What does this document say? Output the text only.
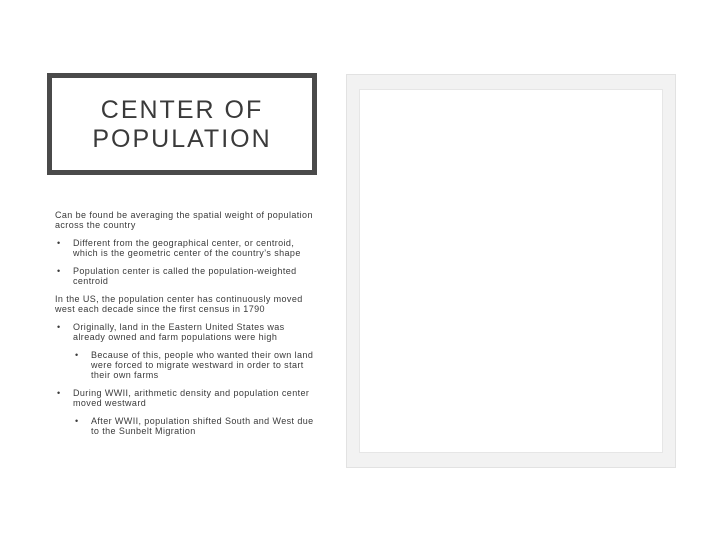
CENTER OF
POPULATION
Can be found be averaging the spatial weight of population across the country
• Different from the geographical center, or centroid, which is the geometric center of the country’s shape
• Population center is called the population-weighted centroid
In the US, the population center has continuously moved west each decade since the first census in 1790
• Originally, land in the Eastern United States was already owned and farm populations were high
• Because of this, people who wanted their own land were forced to migrate westward in order to start their own farms
• During WWII, arithmetic density and population center moved westward
• After WWII, population shifted South and West due to the Sunbelt Migration
Mean Center of Population for the United States: 1790 to 2010
